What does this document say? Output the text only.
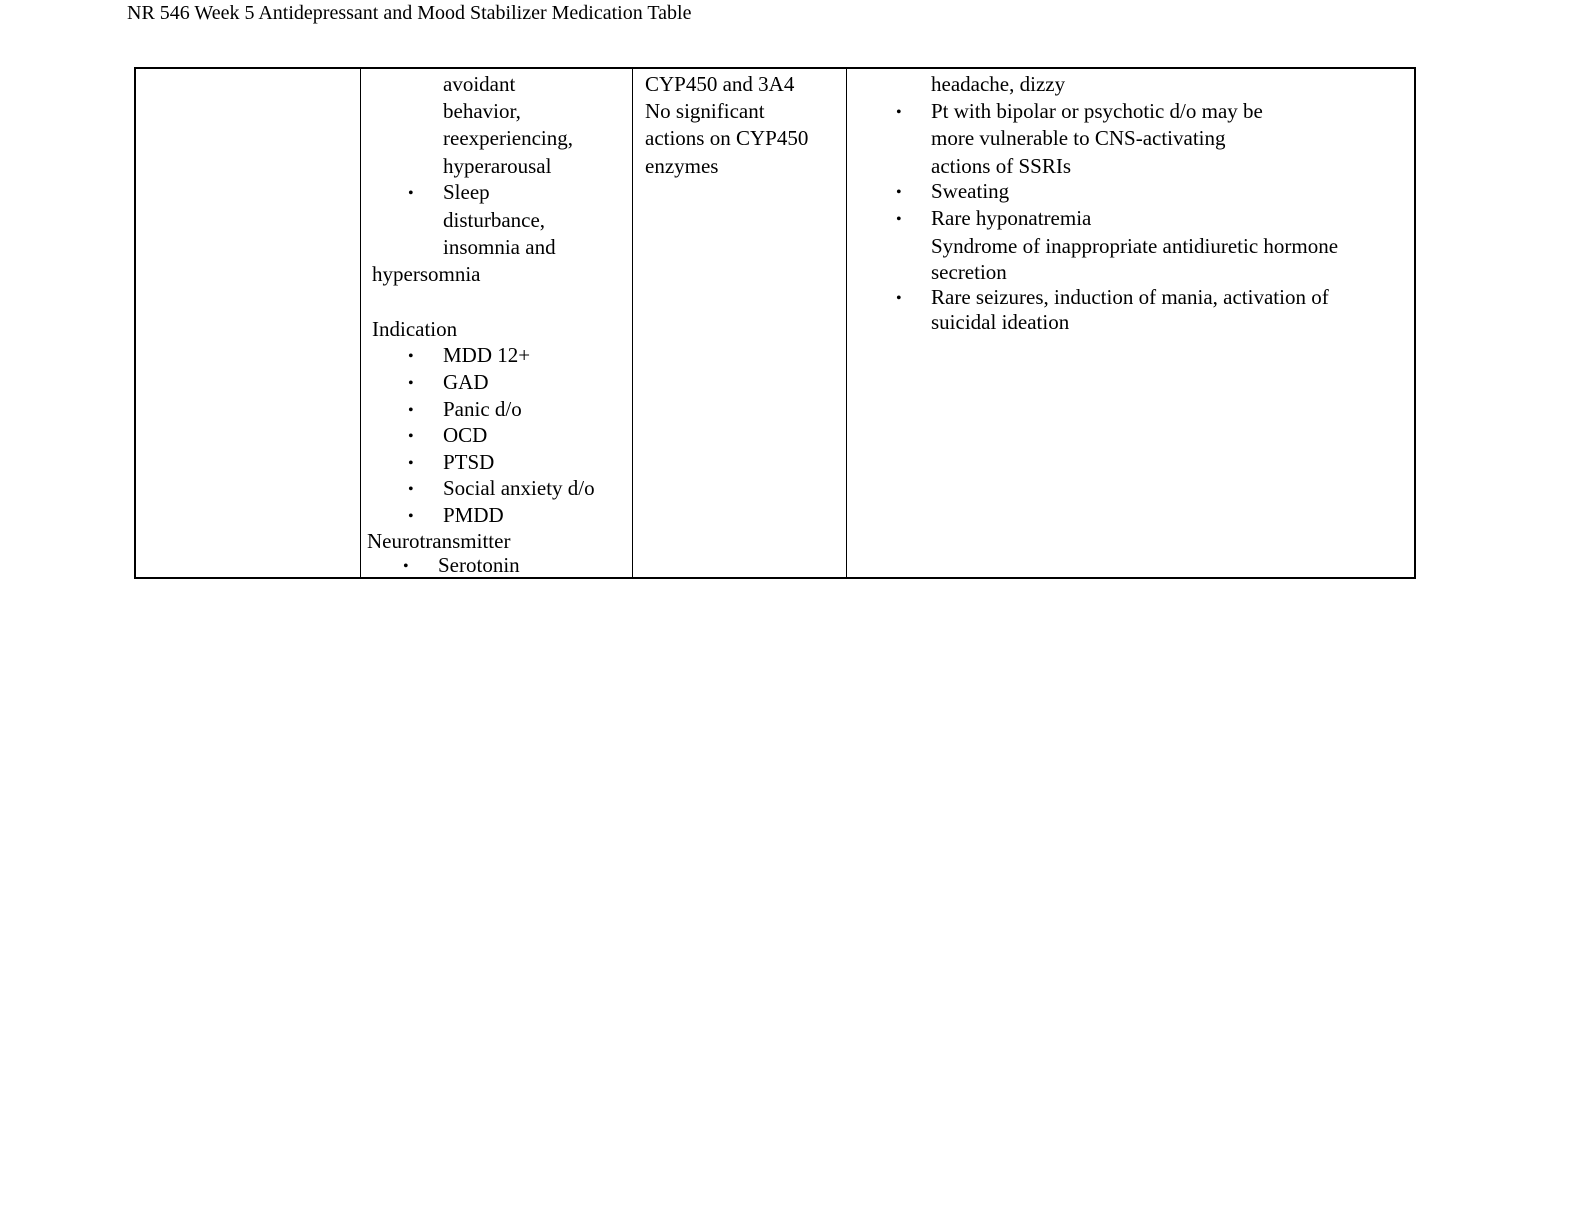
NR 546 Week 5 Antidepressant and Mood Stabilizer Medication Table
avoidant
behavior,
reexperiencing,
hyperarousal
• Sleep
disturbance,
insomnia and
hypersomnia
Indication
• MDD 12+
• GAD
• Panic d/o
• OCD
• PTSD
• Social anxiety d/o
• PMDD
Neurotransmitter
• Serotonin
CYP450 and 3A4
No significant
actions on CYP450
enzymes
headache, dizzy
• Pt with bipolar or psychotic d/o may be
more vulnerable to CNS-activating
actions of SSRIs
• Sweating
• Rare hyponatremia
Syndrome of inappropriate antidiuretic hormone
secretion
• Rare seizures, induction of mania, activation of
suicidal ideation
